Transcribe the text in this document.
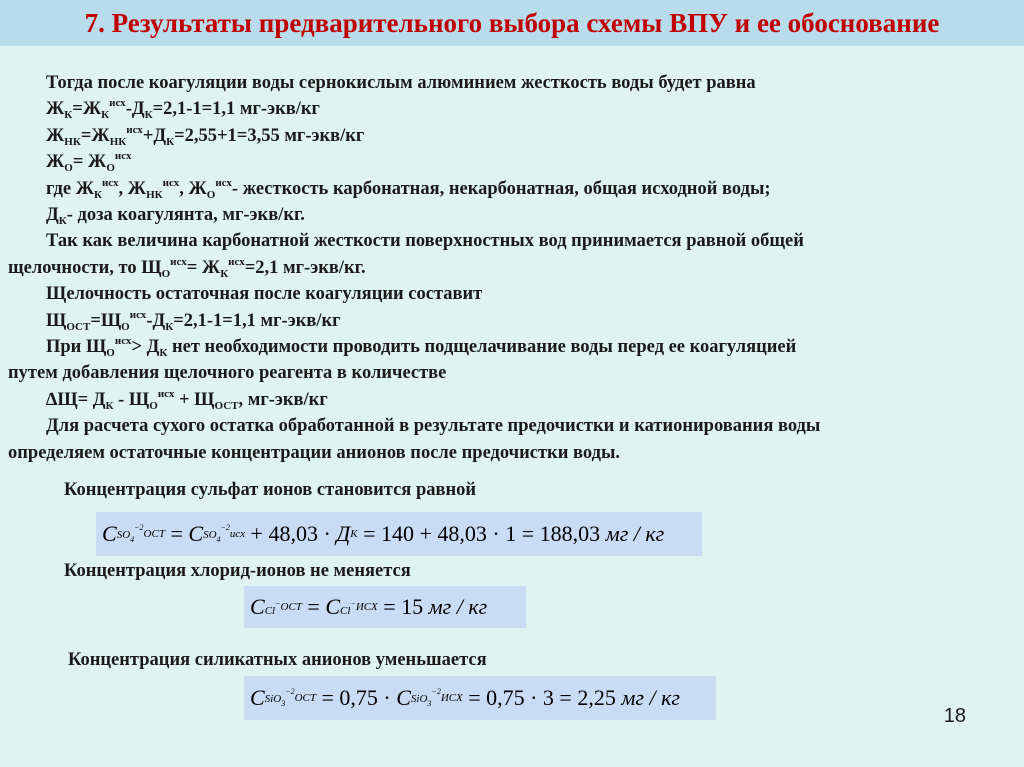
7. Результаты предварительного выбора схемы ВПУ и ее обоснование
Тогда после коагуляции воды сернокислым алюминием жесткость воды будет равна
$Ж_К=Ж_К^{исх}-Д_К=2,1-1=1,1$ мг-экв/кг
$Ж_{НК}=Ж_{НК}^{исх}+Д_К=2,55+1=3,55$ мг-экв/кг
$Ж_О= Ж_О^{исх}$
где $Ж_К^{исх}$, $Ж_{НК}^{исх}$, $Ж_О^{исх}-$ жесткость карбонатная, некарбонатная, общая исходной воды;
$Д_К-$ доза коагулянта, мг-экв/кг.
Так как величина карбонатной жесткости поверхностных вод принимается равной общей
щелочности, то $Щ_О^{исх}= Ж_К^{исх}=2,1$ мг-экв/кг.
Щелочность остаточная после коагуляции составит
$Щ_{ОСТ}=Щ_О^{исх}-Д_К=2,1-1=1,1$ мг-экв/кг
При $Щ_О^{исх}> Д_К$ нет необходимости проводить подщелачивание воды перед ее коагуляцией
путем добавления щелочного реагента в количестве
$\Delta Щ= Д_К - Щ_О^{исх} + Щ_{ОСТ}$, мг-экв/кг
Для расчета сухого остатка обработанной в результате предочистки и катионирования воды
определяем остаточные концентрации анионов после предочистки воды.
Концентрация сульфат ионов становится равной
C $SO_4^{-2}$
ОСТ
= C $SO_4^{-2}$
исх
+ 48,03 · Д К
= 140 + 48,03 · 1 = 188,03
мг / кг
Концентрация хлорид-ионов не меняется
C Cl− ОСТ
= C Cl− ИСХ
= 15
мг / кг
Концентрация силикатных анионов уменьшается
C SiO$_3^{-2}$
ОСТ
= 0,75 · C SiO$_3^{-2}$
ИСХ
= 0,75 · 3 = 2,25
мг / кг
18
